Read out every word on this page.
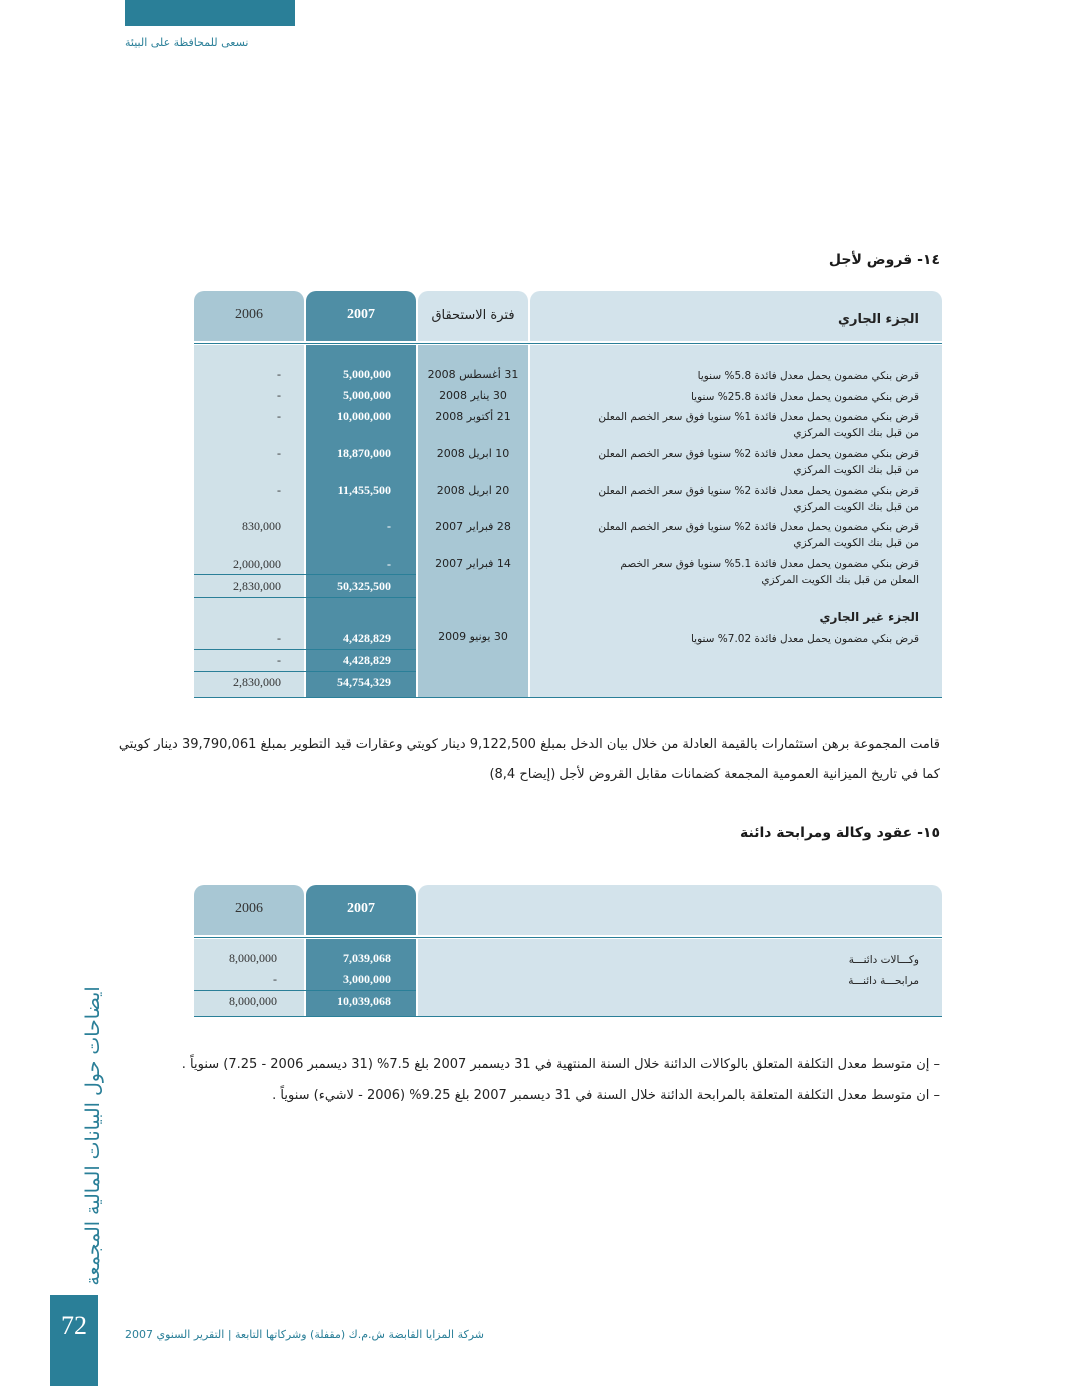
نسعى للمحافظة على البيئة
ايضاحات حول البيانات المالية المجمعة
72	شركة المزايا القابضة ش.م.ك (مقفلة) وشركاتها التابعة | التقرير السنوي 2007
١٤- قروض لأجل
الجزء الجاري
فترة الاستحقاق
2007
2006
قرض بنكي مضمون يحمل معدل فائدة 5.8% سنويا
31 أغسطس 2008
5,000,000
-
قرض بنكي مضمون يحمل معدل فائدة 25.8% سنويا
30 يناير 2008
5,000,000
-
قرض بنكي مضمون يحمل معدل فائدة 1% سنويا فوق سعر الخصم المعلن من قبل بنك الكويت المركزي
21 أكتوبر 2008
10,000,000
-
قرض بنكي مضمون يحمل معدل فائدة 2% سنويا فوق سعر الخصم المعلن من قبل بنك الكويت المركزي
10 ابريل 2008
18,870,000
-
قرض بنكي مضمون يحمل معدل فائدة 2% سنويا فوق سعر الخصم المعلن من قبل بنك الكويت المركزي
20 ابريل 2008
11,455,500
-
قرض بنكي مضمون يحمل معدل فائدة 2% سنويا فوق سعر الخصم المعلن من قبل بنك الكويت المركزي
28 فبراير 2007
-
830,000
قرض بنكي مضمون يحمل معدل فائدة 5.1% سنويا فوق سعر الخصم المعلن من قبل بنك الكويت المركزي
14 فبراير 2007
-
2,000,000
50,325,500
2,830,000
الجزء غير الجاري
قرض بنكي مضمون يحمل معدل فائدة 7.02% سنويا
30 يونيو 2009
4,428,829
-
4,428,829
-
54,754,329
2,830,000
قامت المجموعة برهن استثمارات بالقيمة العادلة من خلال بيان الدخل بمبلغ 9,122,500 دينار كويتي وعقارات قيد التطوير بمبلغ 39,790,061 دينار كويتي
كما في تاريخ الميزانية العمومية المجمعة كضمانات مقابل القروض لأجل (إيضاح 8,4)
١٥- عقود وكالة ومرابحة دائنة
2007
2006
وكـــالات دائنـــة
7,039,068
8,000,000
مرابحـــة دائنـــة
3,000,000
-
10,039,068
8,000,000
– إن متوسط معدل التكلفة المتعلق بالوكالات الدائنة خلال السنة المنتهية في 31 ديسمبر 2007 بلغ 7.5% (31 ديسمبر 2006 - 7.25) سنوياً .
– ان متوسط معدل التكلفة المتعلقة بالمرابحة الدائنة خلال السنة في 31 ديسمبر 2007 بلغ 9.25% (2006 - لاشيء) سنوياً .
